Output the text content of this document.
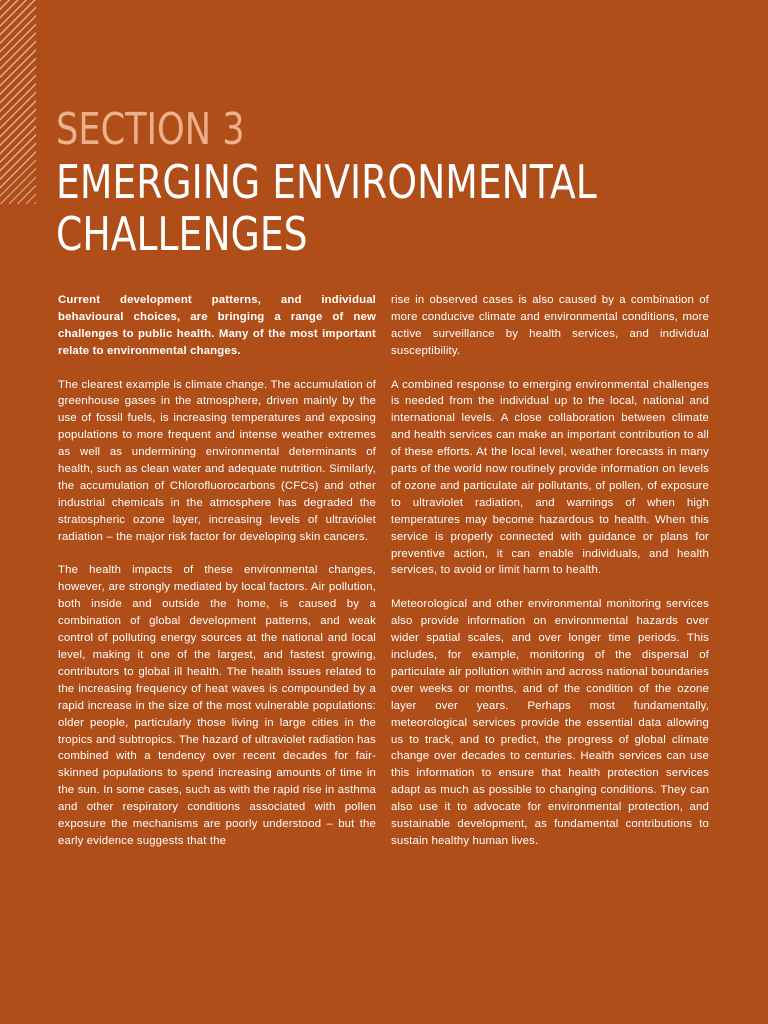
SECTION 3
EMERGING ENVIRONMENTAL
CHALLENGES

Current development patterns, and individual behavioural choices, are bringing a range of new challenges to public health. Many of the most important relate to environmental changes.

The clearest example is climate change. The accumulation of greenhouse gases in the atmosphere, driven mainly by the use of fossil fuels, is increasing temperatures and exposing populations to more frequent and intense weather extremes as well as undermining environmental determinants of health, such as clean water and adequate nutrition. Similarly, the accumulation of Chlorofluorocarbons (CFCs) and other industrial chemicals in the atmosphere has degraded the stratospheric ozone layer, increasing levels of ultraviolet radiation – the major risk factor for developing skin cancers.

The health impacts of these environmental changes, however, are strongly mediated by local factors. Air pollution, both inside and outside the home, is caused by a combination of global development patterns, and weak control of polluting energy sources at the national and local level, making it one of the largest, and fastest growing, contributors to global ill health. The health issues related to the increasing frequency of heat waves is compounded by a rapid increase in the size of the most vulnerable populations: older people, particularly those living in large cities in the tropics and subtropics. The hazard of ultraviolet radiation has combined with a tendency over recent decades for fair-skinned populations to spend increasing amounts of time in the sun. In some cases, such as with the rapid rise in asthma and other respiratory conditions associated with pollen exposure the mechanisms are poorly understood – but the early evidence suggests that the

rise in observed cases is also caused by a combination of more conducive climate and environmental conditions, more active surveillance by health services, and individual susceptibility.

A combined response to emerging environmental challenges is needed from the individual up to the local, national and international levels. A close collaboration between climate and health services can make an important contribution to all of these efforts. At the local level, weather forecasts in many parts of the world now routinely provide information on levels of ozone and particulate air pollutants, of pollen, of exposure to ultraviolet radiation, and warnings of when high temperatures may become hazardous to health. When this service is properly connected with guidance or plans for preventive action, it can enable individuals, and health services, to avoid or limit harm to health.

Meteorological and other environmental monitoring services also provide information on environmental hazards over wider spatial scales, and over longer time periods. This includes, for example, monitoring of the dispersal of particulate air pollution within and across national boundaries over weeks or months, and of the condition of the ozone layer over years. Perhaps most fundamentally, meteorological services provide the essential data allowing us to track, and to predict, the progress of global climate change over decades to centuries. Health services can use this information to ensure that health protection services adapt as much as possible to changing conditions. They can also use it to advocate for environmental protection, and sustainable development, as fundamental contributions to sustain healthy human lives.
